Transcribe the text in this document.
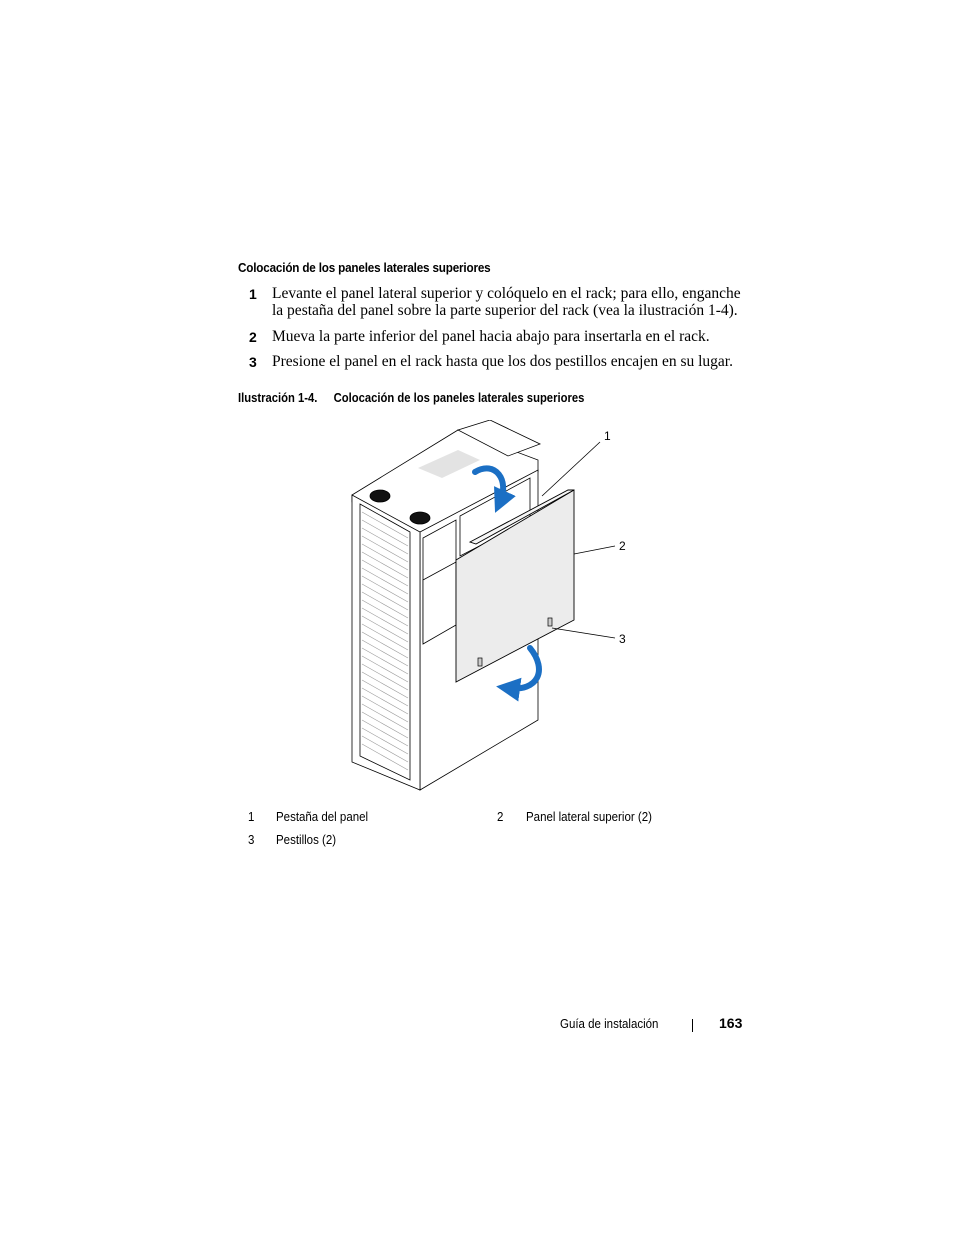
Colocación de los paneles laterales superiores
1 Levante el panel lateral superior y colóquelo en el rack; para ello, enganche la pestaña del panel sobre la parte superior del rack (vea la ilustración 1-4).
2 Mueva la parte inferior del panel hacia abajo para insertarla en el rack.
3 Presione el panel en el rack hasta que los dos pestillos encajen en su lugar.
Ilustración 1-4. Colocación de los paneles laterales superiores
1
2
3
1 Pestaña del panel	2 Panel lateral superior (2)
3 Pestillos (2)
Guía de instalación	163
